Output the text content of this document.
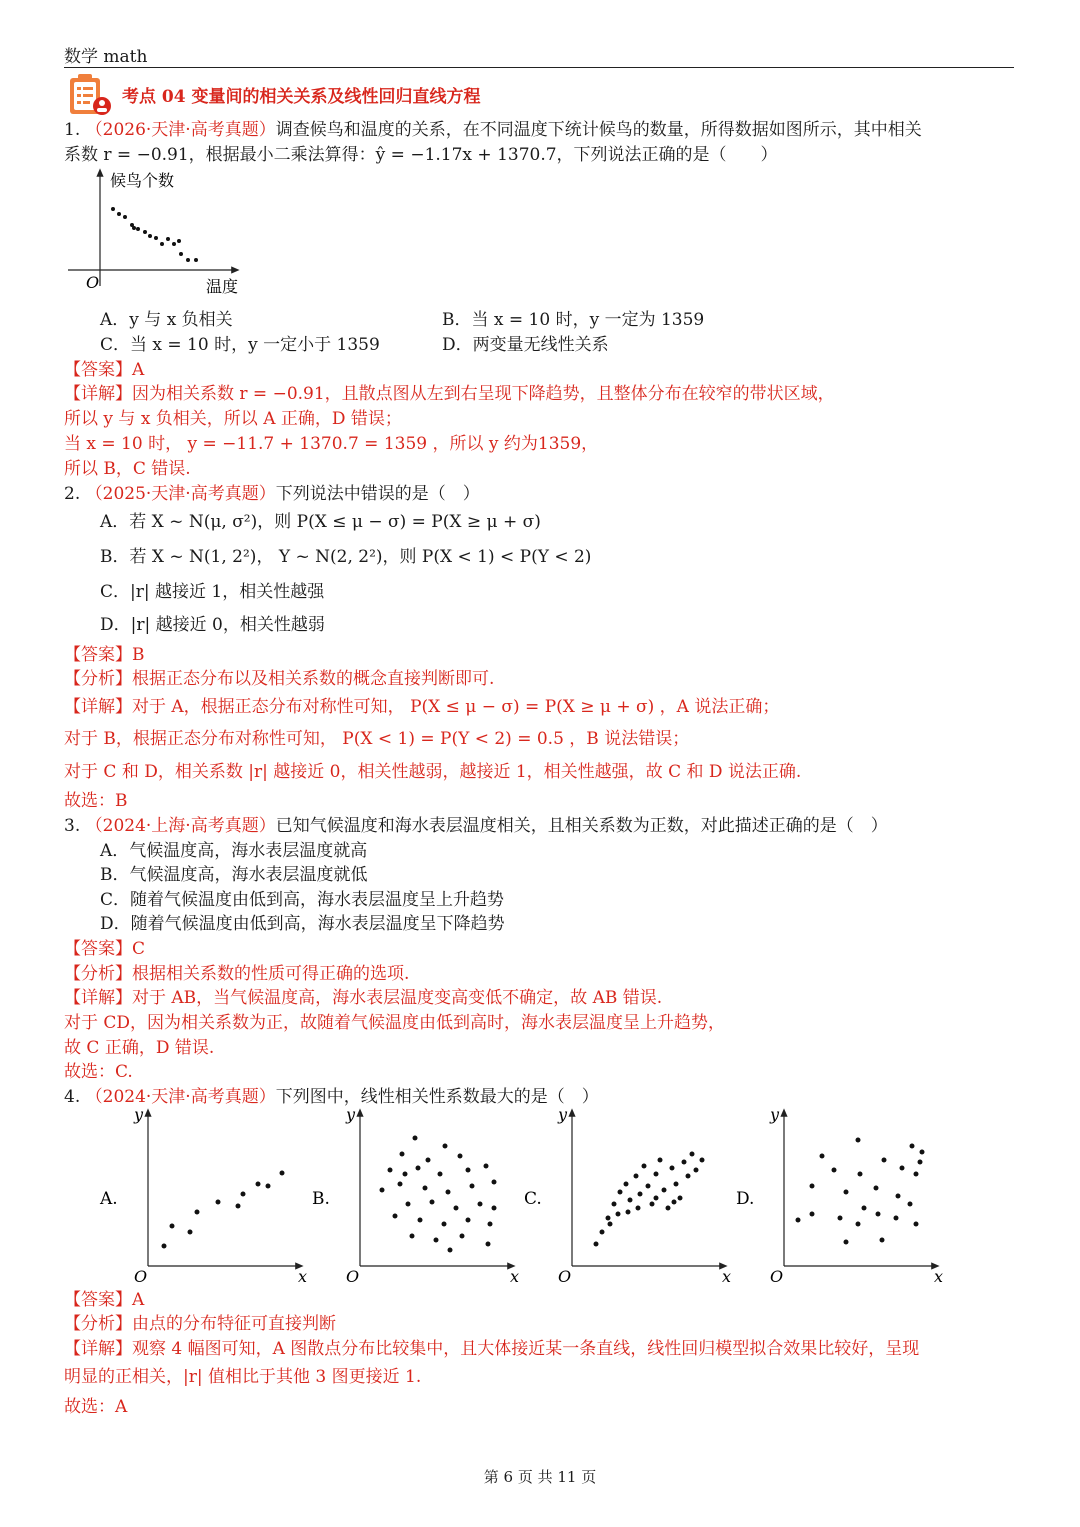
数学 math
考点 04 变量间的相关关系及线性回归直线方程
1. （2026·天津·高考真题）调查候鸟和温度的关系，在不同温度下统计候鸟的数量，所得数据如图所示，其中相关
系数 r = −0.91，根据最小二乘法算得：ŷ = −1.17x + 1370.7，下列说法正确的是（　　）
候鸟个数
温度
O
A．y 与 x 负相关	B．当 x = 10 时，y 一定为 1359
C．当 x = 10 时，y 一定小于 1359	D．两变量无线性关系
【答案】A
【详解】因为相关系数 r = −0.91，且散点图从左到右呈现下降趋势，且整体分布在较窄的带状区域，
所以 y 与 x 负相关，所以 A 正确，D 错误；
当 x = 10 时， y = −11.7 + 1370.7 = 1359 ，所以 y 约为1359，
所以 B，C 错误.
2. （2025·天津·高考真题）下列说法中错误的是（　）
A．若 X ~ N(μ, σ²)，则 P(X ≤ μ − σ) = P(X ≥ μ + σ)
B．若 X ~ N(1, 2²)， Y ~ N(2, 2²)，则 P(X < 1) < P(Y < 2)
C．|r| 越接近 1，相关性越强
D．|r| 越接近 0，相关性越弱
【答案】B
【分析】根据正态分布以及相关系数的概念直接判断即可.
【详解】对于 A，根据正态分布对称性可知， P(X ≤ μ − σ) = P(X ≥ μ + σ) ，A 说法正确；
对于 B，根据正态分布对称性可知， P(X < 1) = P(Y < 2) = 0.5 ，B 说法错误；
对于 C 和 D，相关系数 |r| 越接近 0，相关性越弱，越接近 1，相关性越强，故 C 和 D 说法正确.
故选：B
3. （2024·上海·高考真题）已知气候温度和海水表层温度相关，且相关系数为正数，对此描述正确的是（　）
A．气候温度高，海水表层温度就高
B．气候温度高，海水表层温度就低
C．随着气候温度由低到高，海水表层温度呈上升趋势
D．随着气候温度由低到高，海水表层温度呈下降趋势
【答案】C
【分析】根据相关系数的性质可得正确的选项.
【详解】对于 AB，当气候温度高，海水表层温度变高变低不确定，故 AB 错误.
对于 CD，因为相关系数为正，故随着气候温度由低到高时，海水表层温度呈上升趋势，
故 C 正确，D 错误.
故选：C.
4. （2024·天津·高考真题）下列图中，线性相关性系数最大的是（　）
A.
y
x
O
B.
y
x
O
C.
y
x
O
D.
y
x
O
【答案】A
【分析】由点的分布特征可直接判断
【详解】观察 4 幅图可知，A 图散点分布比较集中，且大体接近某一条直线，线性回归模型拟合效果比较好，呈现
明显的正相关，|r| 值相比于其他 3 图更接近 1.
故选：A
第 6 页 共 11 页
